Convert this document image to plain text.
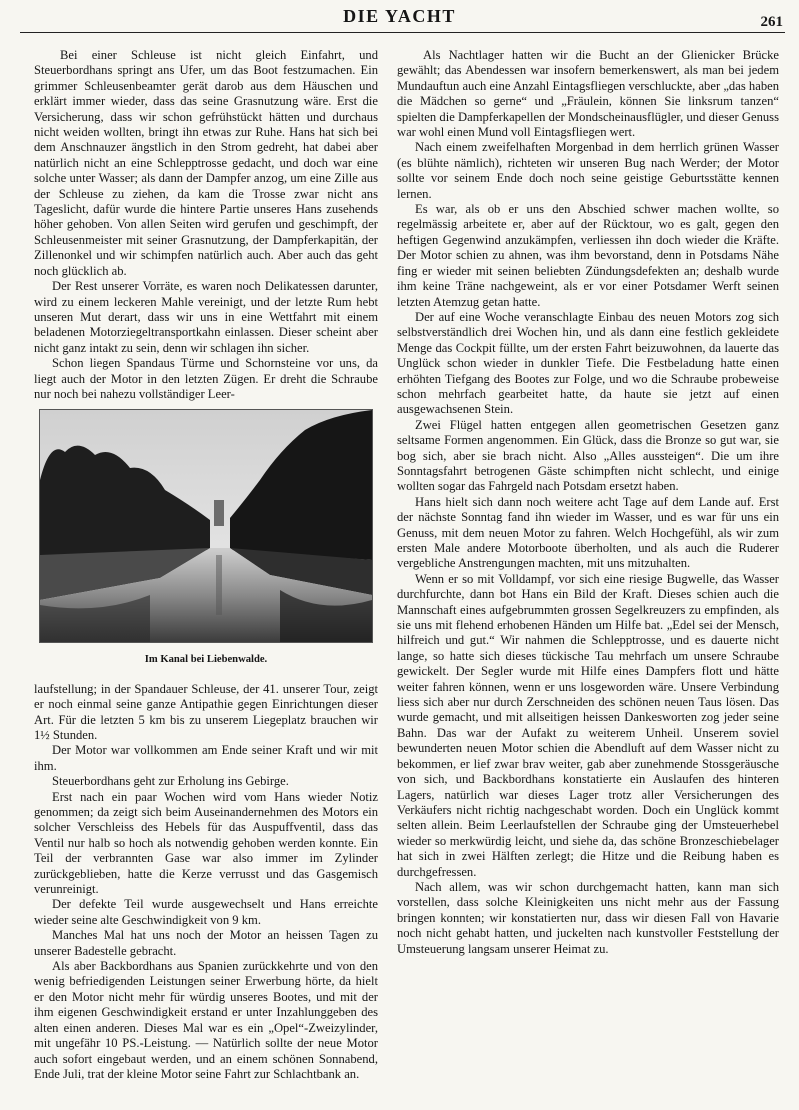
DIE YACHT	261

Bei einer Schleuse ist nicht gleich Einfahrt, und Steuerbordhans springt ans Ufer, um das Boot festzumachen. Ein grimmer Schleusenbeamter gerät darob aus dem Häuschen und erklärt immer wieder, dass das seine Grasnutzung wäre. Erst die Versicherung, dass wir schon gefrühstückt hätten und durchaus nicht weiden wollten, bringt ihn etwas zur Ruhe. Hans hat sich bei dem Anschnauzer ängstlich in den Strom gedreht, hat dabei aber natürlich nicht an eine Schlepptrosse gedacht, und doch war eine solche unter Wasser; als dann der Dampfer anzog, um eine Zille aus der Schleuse zu ziehen, da kam die Trosse zwar nicht ans Tageslicht, dafür wurde die hintere Partie unseres Hans zusehends höher gehoben. Von allen Seiten wird gerufen und geschimpft, der Schleusenmeister mit seiner Grasnutzung, der Dampferkapitän, der Zillenonkel und wir schimpfen natürlich auch. Aber auch das geht noch glücklich ab.

Der Rest unserer Vorräte, es waren noch Delikatessen darunter, wird zu einem leckeren Mahle vereinigt, und der letzte Rum hebt unseren Mut derart, dass wir uns in eine Wettfahrt mit einem beladenen Motorziegeltransportkahn einlassen. Dieser scheint aber nicht ganz intakt zu sein, denn wir schlagen ihn sicher.

Schon liegen Spandaus Türme und Schornsteine vor uns, da liegt auch der Motor in den letzten Zügen. Er dreht die Schraube nur noch bei nahezu vollständiger Leer-

Im Kanal bei Liebenwalde.

laufstellung; in der Spandauer Schleuse, der 41. unserer Tour, zeigt er noch einmal seine ganze Antipathie gegen Einrichtungen dieser Art. Für die letzten 5 km bis zu unserem Liegeplatz brauchen wir 1½ Stunden.

Der Motor war vollkommen am Ende seiner Kraft und wir mit ihm.

Steuerbordhans geht zur Erholung ins Gebirge.

Erst nach ein paar Wochen wird vom Hans wieder Notiz genommen; da zeigt sich beim Auseinandernehmen des Motors ein solcher Verschleiss des Hebels für das Auspuffventil, dass das Ventil nur halb so hoch als notwendig gehoben werden konnte. Ein Teil der verbrannten Gase war also immer im Zylinder zurückgeblieben, hatte die Kerze verrusst und das Gasgemisch verunreinigt.

Der defekte Teil wurde ausgewechselt und Hans erreichte wieder seine alte Geschwindigkeit von 9 km.

Manches Mal hat uns noch der Motor an heissen Tagen zu unserer Badestelle gebracht.

Als aber Backbordhans aus Spanien zurückkehrte und von den wenig befriedigenden Leistungen seiner Erwerbung hörte, da hielt er den Motor nicht mehr für würdig unseres Bootes, und mit der ihm eigenen Geschwindigkeit erstand er unter Inzahlunggeben des alten einen anderen. Dieses Mal war es ein „Opel“-Zweizylinder, mit ungefähr 10 PS.-Leistung. — Natürlich sollte der neue Motor auch sofort eingebaut werden, und an einem schönen Sonnabend, Ende Juli, trat der kleine Motor seine Fahrt zur Schlachtbank an.

Als Nachtlager hatten wir die Bucht an der Glienicker Brücke gewählt; das Abendessen war insofern bemerkenswert, als man bei jedem Mundauftun auch eine Anzahl Eintagsfliegen verschluckte, aber „das haben die Mädchen so gerne“ und „Fräulein, können Sie linksrum tanzen“ spielten die Dampferkapellen der Mondscheinausflügler, und dieser Genuss war wohl einen Mund voll Eintagsfliegen wert.

Nach einem zweifelhaften Morgenbad in dem herrlich grünen Wasser (es blühte nämlich), richteten wir unseren Bug nach Werder; der Motor sollte vor seinem Ende doch noch seine geistige Geburtsstätte kennen lernen.

Es war, als ob er uns den Abschied schwer machen wollte, so regelmässig arbeitete er, aber auf der Rücktour, wo es galt, gegen den heftigen Gegenwind anzukämpfen, verliessen ihn doch wieder die Kräfte. Der Motor schien zu ahnen, was ihm bevorstand, denn in Potsdams Nähe fing er wieder mit seinen beliebten Zündungsdefekten an; deshalb wurde ihm keine Träne nachgeweint, als er vor einer Potsdamer Werft seinen letzten Atemzug getan hatte.

Der auf eine Woche veranschlagte Einbau des neuen Motors zog sich selbstverständlich drei Wochen hin, und als dann eine festlich gekleidete Menge das Cockpit füllte, um der ersten Fahrt beizuwohnen, da lauerte das Unglück schon wieder in dunkler Tiefe. Die Festbeladung hatte einen erhöhten Tiefgang des Bootes zur Folge, und wo die Schraube probeweise schon mehrfach gearbeitet hatte, da haute sie jetzt auf einen ausgewachsenen Stein.

Zwei Flügel hatten entgegen allen geometrischen Gesetzen ganz seltsame Formen angenommen. Ein Glück, dass die Bronze so gut war, sie bog sich, aber sie brach nicht. Also „Alles aussteigen“. Die um ihre Sonntagsfahrt betrogenen Gäste schimpften nicht schlecht, und einige wollten sogar das Fahrgeld nach Potsdam ersetzt haben.

Hans hielt sich dann noch weitere acht Tage auf dem Lande auf. Erst der nächste Sonntag fand ihn wieder im Wasser, und es war für uns ein Genuss, mit dem neuen Motor zu fahren. Welch Hochgefühl, als wir zum ersten Male andere Motorboote überholten, und als auch die Ruderer vergebliche Anstrengungen machten, mit uns mitzuhalten.

Wenn er so mit Volldampf, vor sich eine riesige Bugwelle, das Wasser durchfurchte, dann bot Hans ein Bild der Kraft. Dieses schien auch die Mannschaft eines aufgebrummten grossen Segelkreuzers zu empfinden, als sie uns mit flehend erhobenen Händen um Hilfe bat. „Edel sei der Mensch, hilfreich und gut.“ Wir nahmen die Schlepptrosse, und es dauerte nicht lange, so hatte sich dieses tückische Tau mehrfach um unsere Schraube gewickelt. Der Segler wurde mit Hilfe eines Dampfers flott und hätte weiter fahren können, wenn er uns losgeworden wäre. Unsere Verbindung liess sich aber nur durch Zerschneiden des schönen neuen Taus lösen. Das wurde gemacht, und mit allseitigen heissen Dankesworten zog jeder seine Bahn. Das war der Aufakt zu weiterem Unheil. Unserem soviel bewunderten neuen Motor schien die Abendluft auf dem Wasser nicht zu bekommen, er lief zwar brav weiter, gab aber zunehmende Stossgeräusche von sich, und Backbordhans konstatierte ein Auslaufen des hinteren Lagers, natürlich war dieses Lager trotz aller Versicherungen des Verkäufers nicht richtig nachgeschabt worden. Doch ein Unglück kommt selten allein. Beim Leerlaufstellen der Schraube ging der Umsteuerhebel wieder so merkwürdig leicht, und siehe da, das schöne Bronzeschiebelager hat sich in zwei Hälften zerlegt; die Hitze und die Reibung haben es durchgefressen.

Nach allem, was wir schon durchgemacht hatten, kann man sich vorstellen, dass solche Kleinigkeiten uns nicht mehr aus der Fassung bringen konnten; wir konstatierten nur, dass wir diesen Fall von Havarie noch nicht gehabt hatten, und juckelten nach kunstvoller Feststellung der Umsteuerung langsam unserer Heimat zu.
